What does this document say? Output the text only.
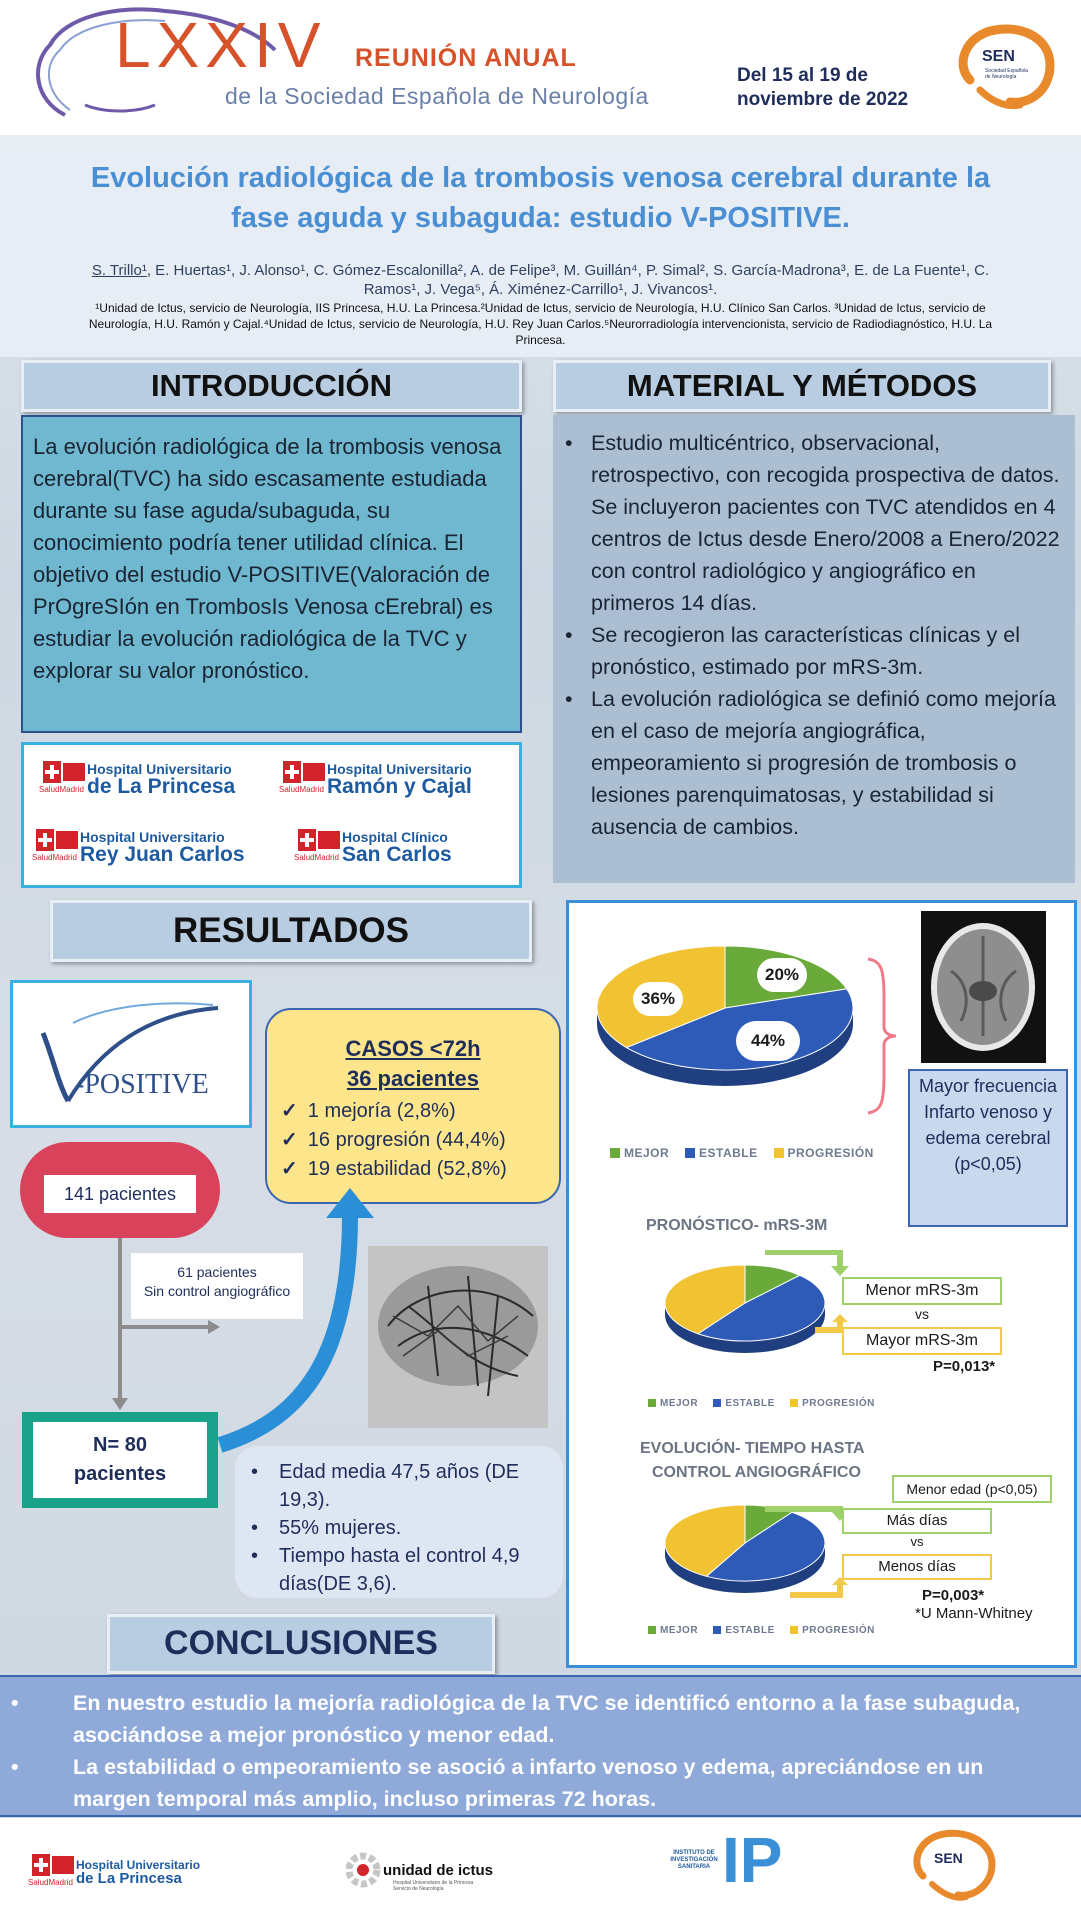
LXXIV REUNIÓN ANUAL
de la Sociedad Española de Neurología
Del 15 al 19 de
noviembre de 2022
SEN
Sociedad Española de Neurología
Evolución radiológica de la trombosis venosa cerebral durante la
fase aguda y subaguda: estudio V-POSITIVE.
S. Trillo¹, E. Huertas¹, J. Alonso¹, C. Gómez-Escalonilla², A. de Felipe³, M. Guillán⁴, P. Simal², S. García-Madrona³, E. de La Fuente¹, C.
Ramos¹, J. Vega⁵, Á. Ximénez-Carrillo¹, J. Vivancos¹.
¹Unidad de Ictus, servicio de Neurología, IIS Princesa, H.U. La Princesa.²Unidad de Ictus, servicio de Neurología, H.U. Clínico San Carlos. ³Unidad de Ictus, servicio de
Neurología, H.U. Ramón y Cajal.⁴Unidad de Ictus, servicio de Neurología, H.U. Rey Juan Carlos.⁵Neurorradiología intervencionista, servicio de Radiodiagnóstico, H.U. La
Princesa.
INTRODUCCIÓN
La evolución radiológica de la trombosis venosa cerebral(TVC) ha sido escasamente estudiada durante su fase aguda/subaguda, su conocimiento podría tener utilidad clínica. El objetivo del estudio V-POSITIVE(Valoración de PrOgreSIón en TrombosIs Venosa cErebral) es estudiar la evolución radiológica de la TVC y explorar su valor pronóstico.
MATERIAL Y MÉTODOS
• Estudio multicéntrico, observacional, retrospectivo, con recogida prospectiva de datos. Se incluyeron pacientes con TVC atendidos en 4 centros de Ictus desde Enero/2008 a Enero/2022 con control radiológico y angiográfico en primeros 14 días.
• Se recogieron las características clínicas y el pronóstico, estimado por mRS-3m.
• La evolución radiológica se definió como mejoría en el caso de mejoría angiográfica, empeoramiento si progresión de trombosis o lesiones parenquimatosas, y estabilidad si ausencia de cambios.
SaludMadrid
Hospital Universitario
de La Princesa	SaludMadrid
Hospital Universitario
Ramón y Cajal
SaludMadrid
Hospital Universitario
Rey Juan Carlos	SaludMadrid
Hospital Clínico
San Carlos
RESULTADOS
-POSITIVE
CASOS <72h
36 pacientes
✓ 1 mejoría (2,8%)
✓ 16 progresión (44,4%)
✓ 19 estabilidad (52,8%)
141 pacientes
61 pacientes
Sin control angiográfico
N= 80
pacientes
•	Edad media 47,5 años (DE 19,3).
• 55% mujeres.
• Tiempo hasta el control 4,9 días(DE 3,6).
36%
20%
44%
Mayor frecuencia Infarto venoso y edema cerebral (p<0,05)
MEJOR ESTABLE PROGRESIÓN
PRONÓSTICO- mRS-3M
Menor mRS-3m
vs
Mayor mRS-3m
P=0,013*
MEJOR	ESTABLE	PROGRESIÓN
EVOLUCIÓN- TIEMPO HASTA
CONTROL ANGIOGRÁFICO
Menor edad (p<0,05)
Más días
vs
Menos días
P=0,003*
*U Mann-Whitney
MEJOR	ESTABLE	PROGRESIÓN
CONCLUSIONES
• En nuestro estudio la mejoría radiológica de la TVC se identificó entorno a la fase subaguda, asociándose a mejor pronóstico y menor edad.
• La estabilidad o empeoramiento se asoció a infarto venoso y edema, apreciándose en un margen temporal más amplio, incluso primeras 72 horas.
SaludMadrid
Hospital Universitario
de La Princesa	unidad de ictus
Hospital Universitario de la Princesa
Servicio de Neurología
INSTITUTO DE INVESTIGACIÓN SANITARIA IP	SEN
